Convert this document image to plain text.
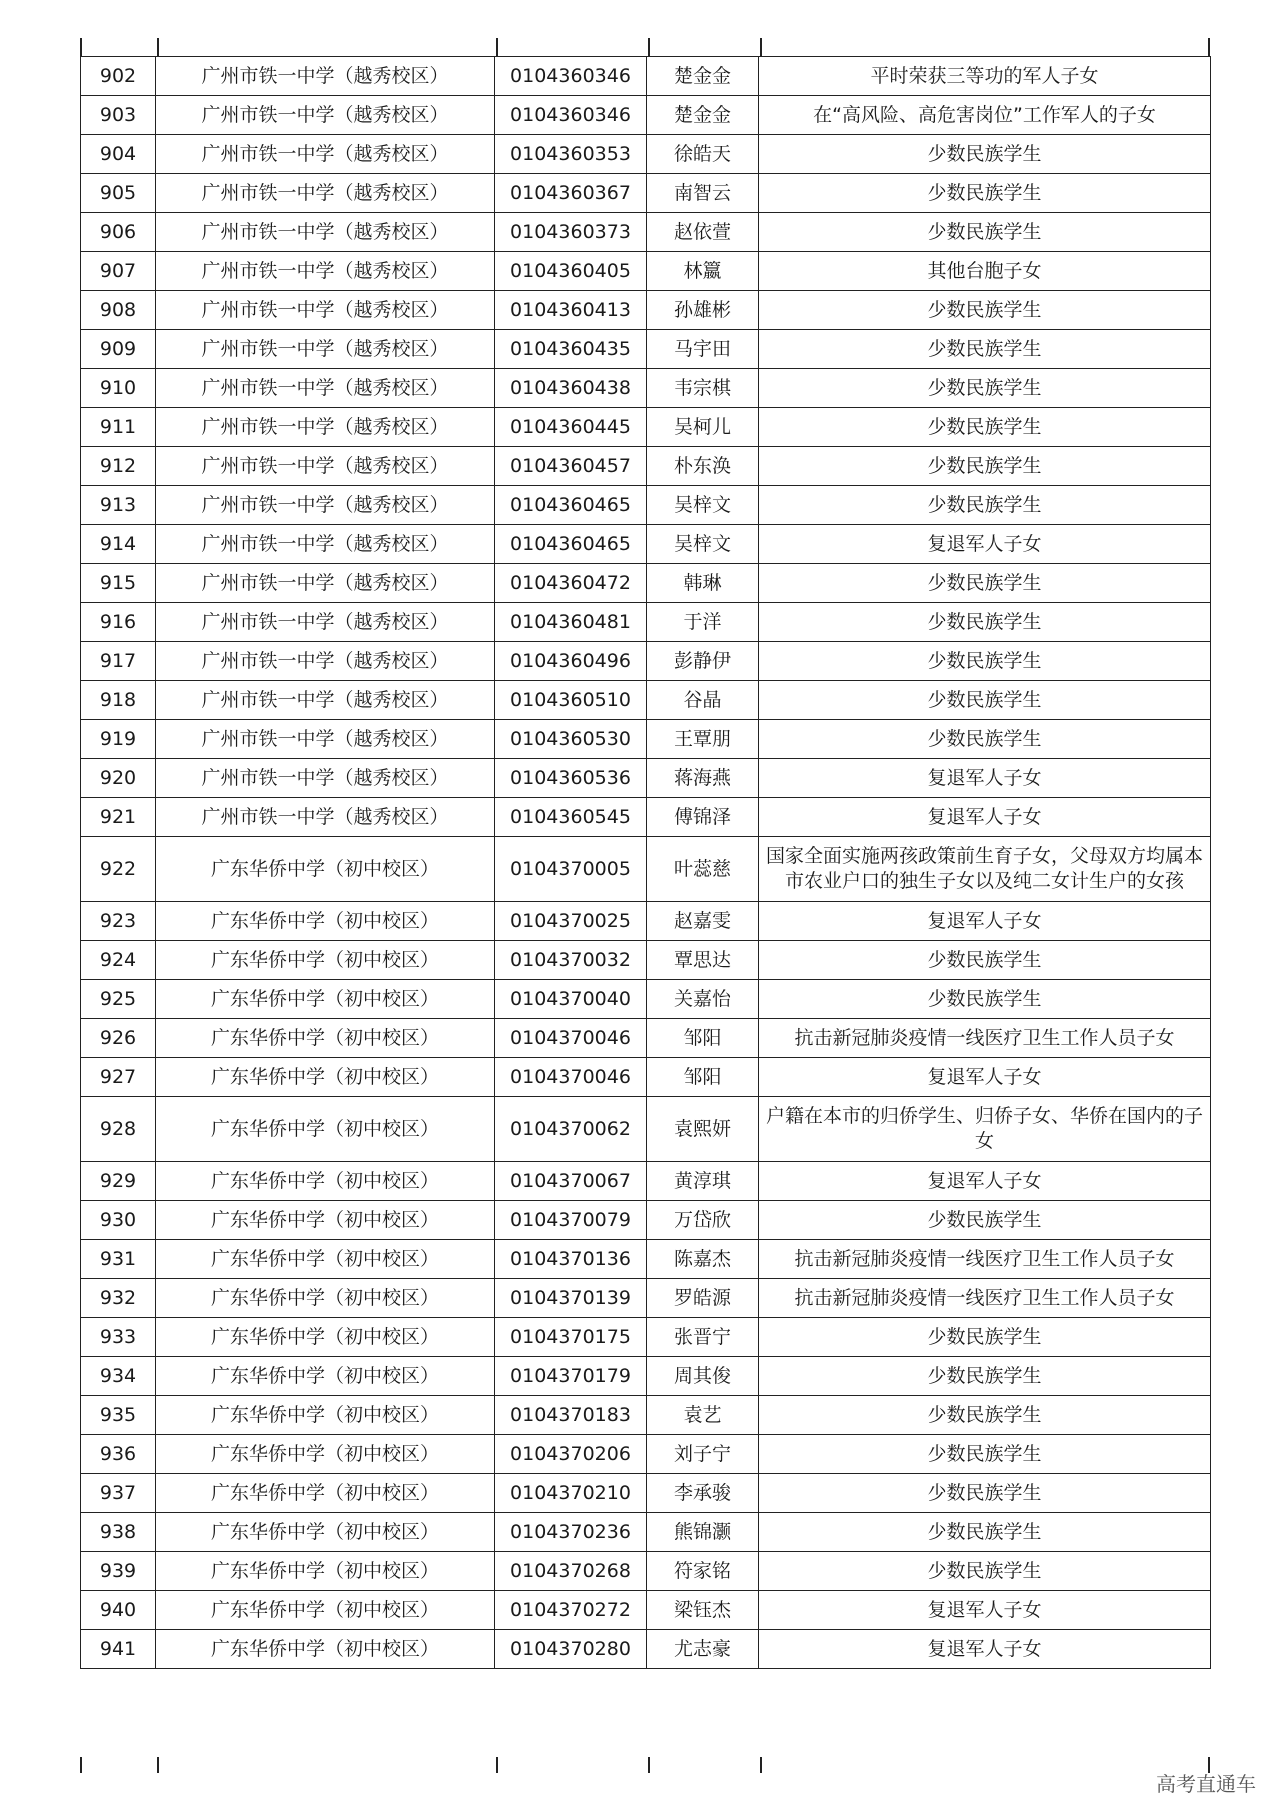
902	广州市铁一中学（越秀校区）	0104360346	楚金金	平时荣获三等功的军人子女
903	广州市铁一中学（越秀校区）	0104360346	楚金金	在“高风险、高危害岗位”工作军人的子女
904	广州市铁一中学（越秀校区）	0104360353	徐皓天	少数民族学生
905	广州市铁一中学（越秀校区）	0104360367	南智云	少数民族学生
906	广州市铁一中学（越秀校区）	0104360373	赵依萱	少数民族学生
907	广州市铁一中学（越秀校区）	0104360405	林籝	其他台胞子女
908	广州市铁一中学（越秀校区）	0104360413	孙雄彬	少数民族学生
909	广州市铁一中学（越秀校区）	0104360435	马宇田	少数民族学生
910	广州市铁一中学（越秀校区）	0104360438	韦宗棋	少数民族学生
911	广州市铁一中学（越秀校区）	0104360445	吴柯儿	少数民族学生
912	广州市铁一中学（越秀校区）	0104360457	朴东涣	少数民族学生
913	广州市铁一中学（越秀校区）	0104360465	吴梓文	少数民族学生
914	广州市铁一中学（越秀校区）	0104360465	吴梓文	复退军人子女
915	广州市铁一中学（越秀校区）	0104360472	韩琳	少数民族学生
916	广州市铁一中学（越秀校区）	0104360481	于洋	少数民族学生
917	广州市铁一中学（越秀校区）	0104360496	彭静伊	少数民族学生
918	广州市铁一中学（越秀校区）	0104360510	谷晶	少数民族学生
919	广州市铁一中学（越秀校区）	0104360530	王覃朋	少数民族学生
920	广州市铁一中学（越秀校区）	0104360536	蒋海燕	复退军人子女
921	广州市铁一中学（越秀校区）	0104360545	傅锦泽	复退军人子女
922	广东华侨中学（初中校区）	0104370005	叶蕊慈	国家全面实施两孩政策前生育子女，父母双方均属本市农业户口的独生子女以及纯二女计生户的女孩
923	广东华侨中学（初中校区）	0104370025	赵嘉雯	复退军人子女
924	广东华侨中学（初中校区）	0104370032	覃思达	少数民族学生
925	广东华侨中学（初中校区）	0104370040	关嘉怡	少数民族学生
926	广东华侨中学（初中校区）	0104370046	邹阳	抗击新冠肺炎疫情一线医疗卫生工作人员子女
927	广东华侨中学（初中校区）	0104370046	邹阳	复退军人子女
928	广东华侨中学（初中校区）	0104370062	袁熙妍	户籍在本市的归侨学生、归侨子女、华侨在国内的子女
929	广东华侨中学（初中校区）	0104370067	黄淳琪	复退军人子女
930	广东华侨中学（初中校区）	0104370079	万岱欣	少数民族学生
931	广东华侨中学（初中校区）	0104370136	陈嘉杰	抗击新冠肺炎疫情一线医疗卫生工作人员子女
932	广东华侨中学（初中校区）	0104370139	罗皓源	抗击新冠肺炎疫情一线医疗卫生工作人员子女
933	广东华侨中学（初中校区）	0104370175	张晋宁	少数民族学生
934	广东华侨中学（初中校区）	0104370179	周其俊	少数民族学生
935	广东华侨中学（初中校区）	0104370183	袁艺	少数民族学生
936	广东华侨中学（初中校区）	0104370206	刘子宁	少数民族学生
937	广东华侨中学（初中校区）	0104370210	李承骏	少数民族学生
938	广东华侨中学（初中校区）	0104370236	熊锦灏	少数民族学生
939	广东华侨中学（初中校区）	0104370268	符家铭	少数民族学生
940	广东华侨中学（初中校区）	0104370272	梁钰杰	复退军人子女
941	广东华侨中学（初中校区）	0104370280	尤志豪	复退军人子女
高考直通车
